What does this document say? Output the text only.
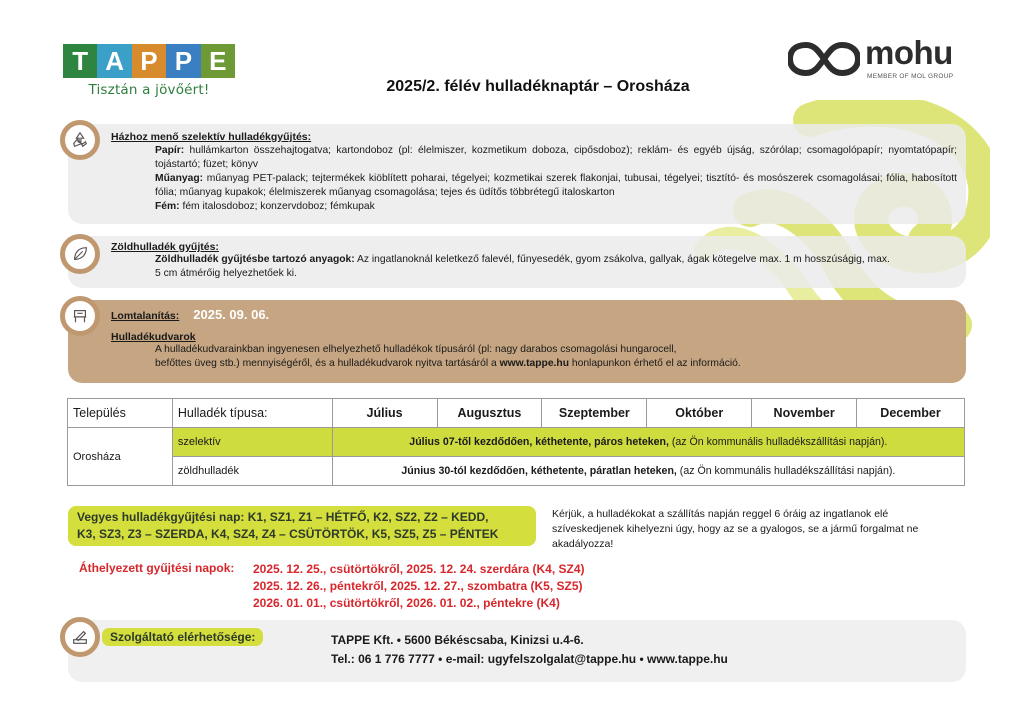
T A P P E
Tisztán a jövőért!	2025/2. félév hulladéknaptár – Orosháza
mohu
MEMBER OF MOL GROUP
Házhoz menő szelektív hulladékgyűjtés:
Papír: hullámkarton összehajtogatva; kartondoboz (pl: élelmiszer, kozmetikum doboza, cipősdoboz); reklám- és egyéb újság, szórólap; csomagolópapír; nyomtatópapír; tojástartó; füzet; könyv
Műanyag: műanyag PET-palack; tejtermékek kiöblített poharai, tégelyei; kozmetikai szerek flakonjai, tubusai, tégelyei; tisztító- és mosószerek csomagolásai; fólia, habosított fólia; műanyag kupakok; élelmiszerek műanyag csomagolása; tejes és üdítős többrétegű italoskarton
Fém: fém italosdoboz; konzervdoboz; fémkupak
Zöldhulladék gyűjtés:
Zöldhulladék gyűjtésbe tartozó anyagok: Az ingatlanoknál keletkező falevél, fűnyesedék, gyom zsákolva, gallyak, ágak kötegelve max. 1 m hosszúságig, max. 5 cm átmérőig helyezhetőek ki.
Lomtalanítás: 2025. 09. 06.
Hulladékudvarok
A hulladékudvarainkban ingyenesen elhelyezhető hulladékok típusáról (pl: nagy darabos csomagolási hungarocell,
befőttes üveg stb.) mennyiségéről, és a hulladékudvarok nyitva tartásáról a www.tappe.hu honlapunkon érhető el az információ.
Település	Hulladék típusa:	Július	Augusztus	Szeptember	Október	November	December
Orosháza	szelektív	Július 07-től kezdődően, kéthetente, páros heteken, (az Ön kommunális hulladékszállítási napján).					
	zöldhulladék	Június 30-tól kezdődően, kéthetente, páratlan heteken, (az Ön kommunális hulladékszállítási napján).					
Vegyes hulladékgyűjtési nap: K1, SZ1, Z1 – HÉTFŐ, K2, SZ2, Z2 – KEDD,
K3, SZ3, Z3 – SZERDA, K4, SZ4, Z4 – CSÜTÖRTÖK, K5, SZ5, Z5 – PÉNTEK
Kérjük, a hulladékokat a szállítás napján reggel 6 óráig az ingatlanok elé szíveskedjenek kihelyezni úgy, hogy az se a gyalogos, se a jármű forgalmat ne akadályozza!
Áthelyezett gyűjtési napok: 2025. 12. 25., csütörtökről, 2025. 12. 24. szerdára (K4, SZ4)
2025. 12. 26., péntekről, 2025. 12. 27., szombatra (K5, SZ5)
2026. 01. 01., csütörtökről, 2026. 01. 02., péntekre (K4)
Szolgáltató elérhetősége:	TAPPE Kft. • 5600 Békéscsaba, Kinizsi u.4-6.
Tel.: 06 1 776 7777 • e-mail: ugyfelszolgalat@tappe.hu • www.tappe.hu
